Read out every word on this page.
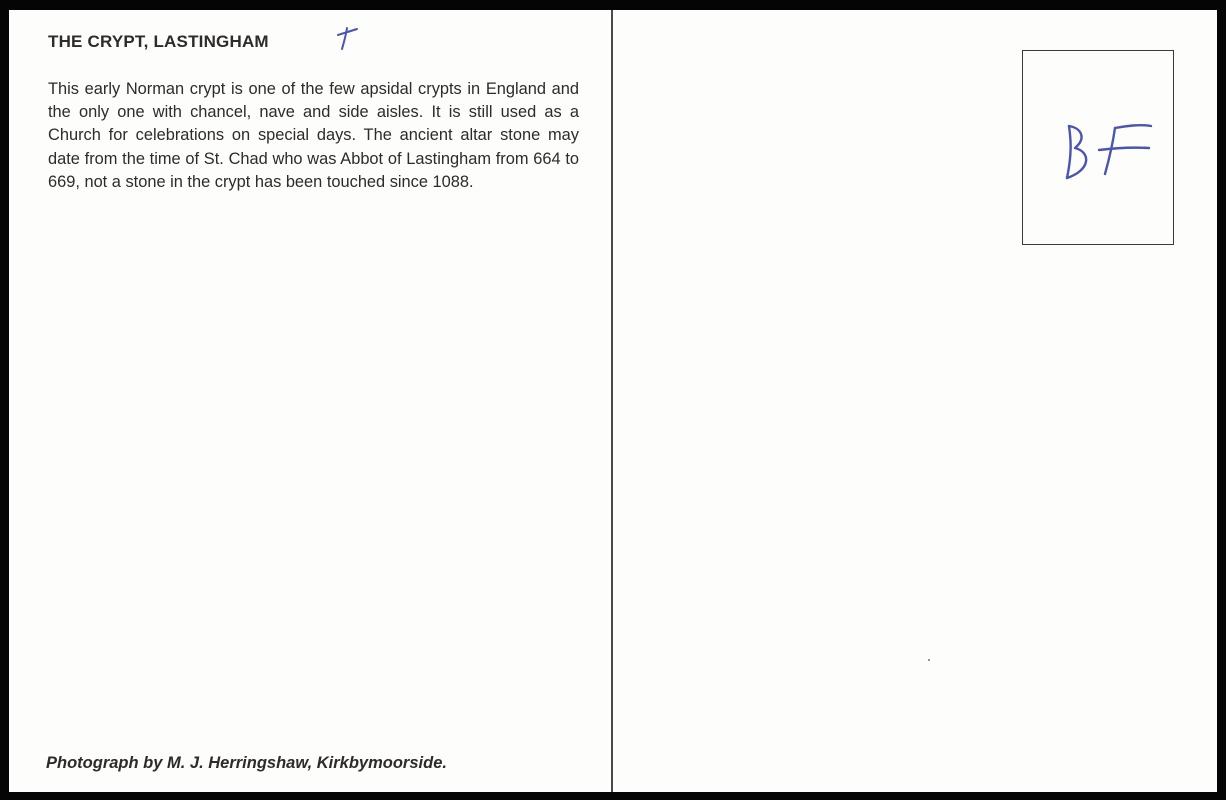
THE CRYPT, LASTINGHAM
This early Norman crypt is one of the few apsidal crypts in England and the only one with chancel, nave and side aisles. It is still used as a Church for celebrations on special days. The ancient altar stone may date from the time of St. Chad who was Abbot of Lastingham from 664 to 669, not a stone in the crypt has been touched since 1088.
Photograph by M. J. Herringshaw, Kirkbymoorside.
